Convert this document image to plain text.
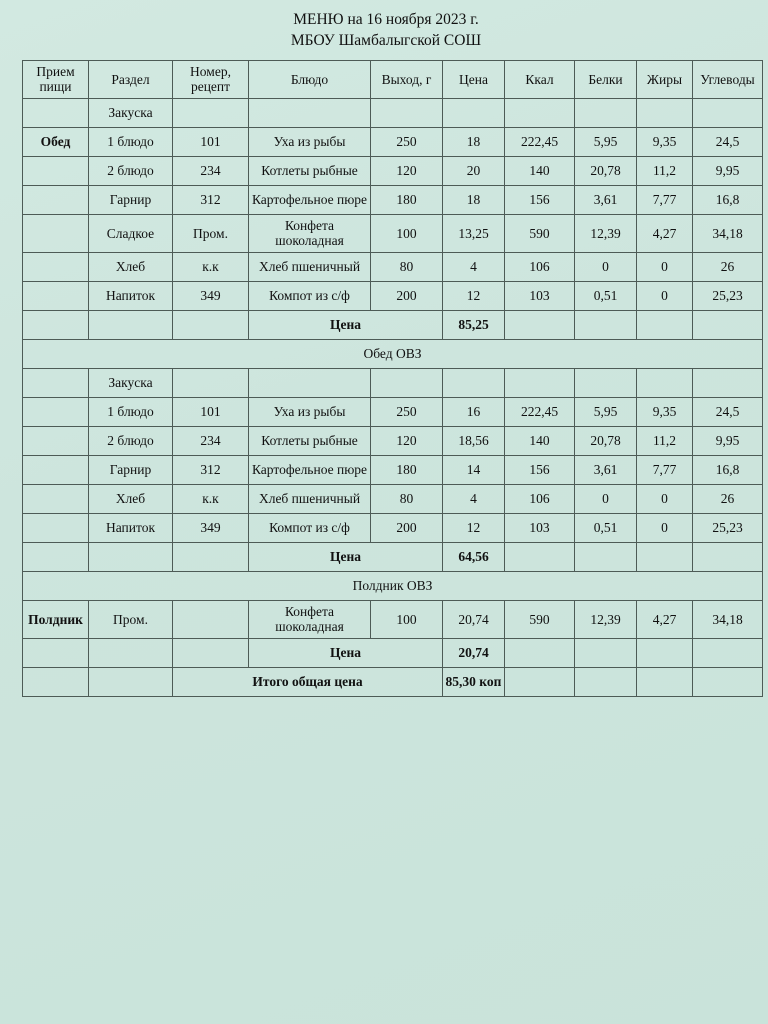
МЕНЮ на 16 ноября 2023 г.
МБОУ Шамбалыгской СОШ
Прием пищи	Раздел	Номер, рецепт	Блюдо	Выход, г	Цена	Ккал	Белки	Жиры	Углеводы
	Закуска								
Обед	1 блюдо	101	Уха из рыбы	250	18	222,45	5,95	9,35	24,5
	2 блюдо	234	Котлеты рыбные	120	20	140	20,78	11,2	9,95
	Гарнир	312	Картофельное пюре	180	18	156	3,61	7,77	16,8
	Сладкое	Пром.	Конфета шоколадная	100	13,25	590	12,39	4,27	34,18
	Хлеб	к.к	Хлеб пшеничный	80	4	106	0	0	26
	Напиток	349	Компот из с/ф	200	12	103	0,51	0	25,23
			Цена		85,25				
Обед ОВЗ									
	Закуска								
	1 блюдо	101	Уха из рыбы	250	16	222,45	5,95	9,35	24,5
	2 блюдо	234	Котлеты рыбные	120	18,56	140	20,78	11,2	9,95
	Гарнир	312	Картофельное пюре	180	14	156	3,61	7,77	16,8
	Хлеб	к.к	Хлеб пшеничный	80	4	106	0	0	26
	Напиток	349	Компот из с/ф	200	12	103	0,51	0	25,23
			Цена		64,56				
Полдник ОВЗ									
Полдник	Пром.		Конфета шоколадная	100	20,74	590	12,39	4,27	34,18
			Цена		20,74				
		Итого общая цена			85,30 коп				
